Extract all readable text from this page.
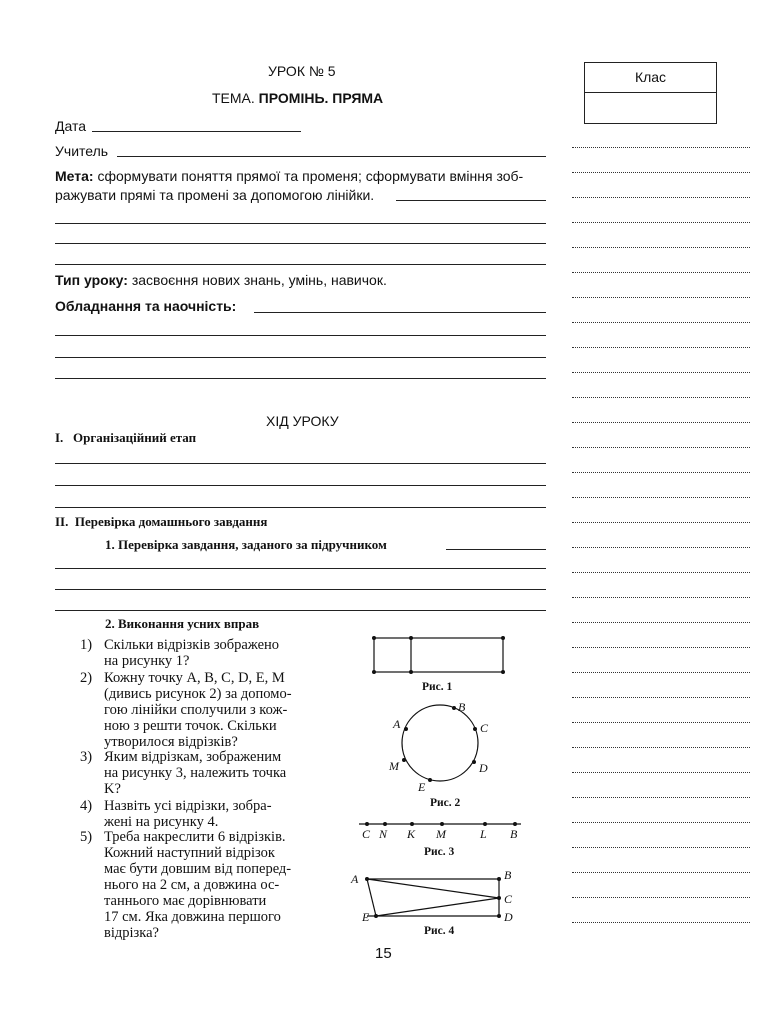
УРОК № 5
ТЕМА. ПРОМІНЬ. ПРЯМА
Клас
Дата
Учитель
Мета: сформувати поняття прямої та променя; сформувати вміння зоб-
ражувати прямі та промені за допомогою лінійки.
Тип уроку: засвоєння нових знань, умінь, навичок.
Обладнання та наочність:
ХІД УРОКУ
I.   Організаційний етап
II.  Перевірка домашнього завдання
1. Перевірка завдання, заданого за підручником
2. Виконання усних вправ
1) Скільки відрізків зображено
на рисунку 1?
2) Кожну точку A, B, C, D, E, M
(дивись рисунок 2) за допомо-
гою лінійки сполучили з кож-
ною з решти точок. Скільки
утворилося відрізків?
3) Яким відрізкам, зображеним
на рисунку 3, належить точка
K?
4) Назвіть усі відрізки, зобра-
жені на рисунку 4.
5) Треба накреслити 6 відрізків.
Кожний наступний відрізок
має бути довшим від поперед-
нього на 2 см, а довжина ос-
таннього має дорівнювати
17 см. Яка довжина першого
відрізка?
Рис. 1
A
B
C
D
E
M
Рис. 2
C N K M	L B
Рис. 3
A	B
C
D
E
Рис. 4
15
